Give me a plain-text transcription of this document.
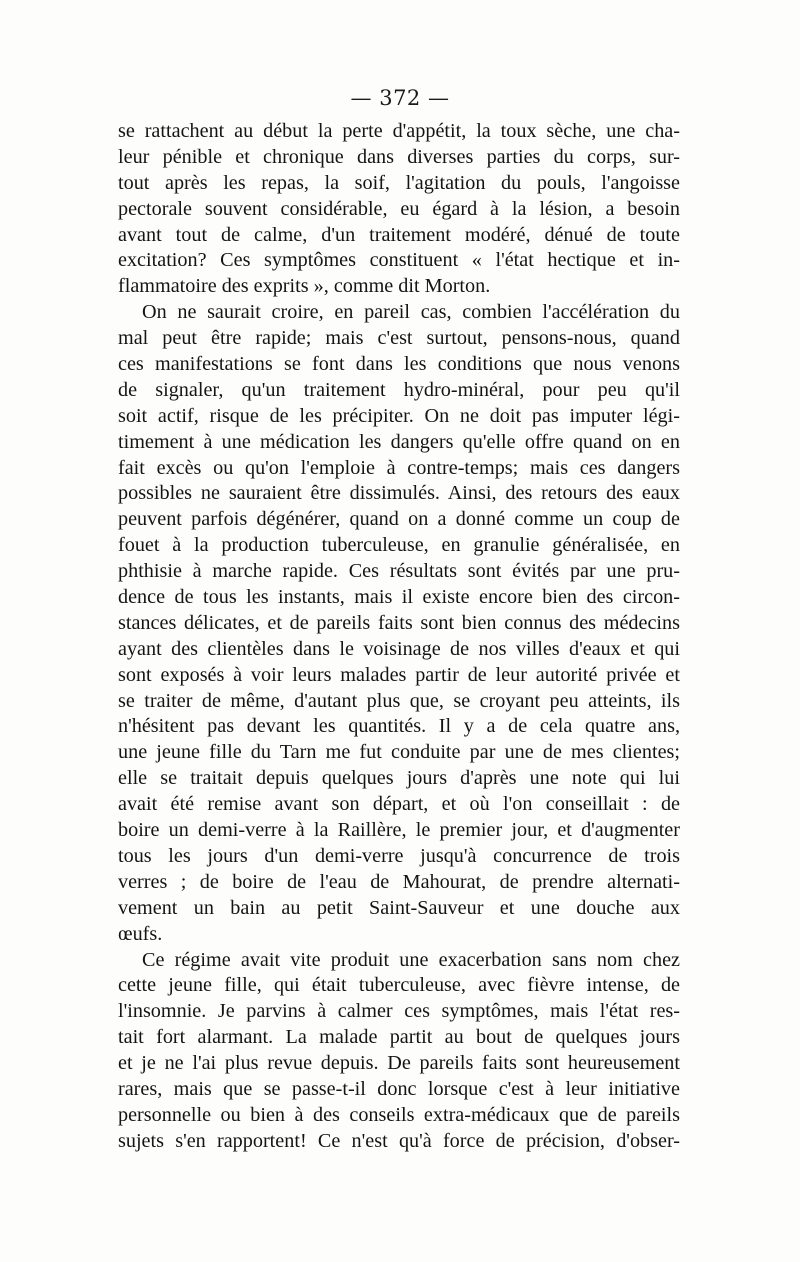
— 372 —
se rattachent au début la perte d'appétit, la toux sèche, une cha-
leur pénible et chronique dans diverses parties du corps, sur-
tout après les repas, la soif, l'agitation du pouls, l'angoisse
pectorale souvent considérable, eu égard à la lésion, a besoin
avant tout de calme, d'un traitement modéré, dénué de toute
excitation? Ces symptômes constituent « l'état hectique et in-
flammatoire des exprits », comme dit Morton.
On ne saurait croire, en pareil cas, combien l'accélération du
mal peut être rapide; mais c'est surtout, pensons-nous, quand
ces manifestations se font dans les conditions que nous venons
de signaler, qu'un traitement hydro-minéral, pour peu qu'il
soit actif, risque de les précipiter. On ne doit pas imputer légi-
timement à une médication les dangers qu'elle offre quand on en
fait excès ou qu'on l'emploie à contre-temps; mais ces dangers
possibles ne sauraient être dissimulés. Ainsi, des retours des eaux
peuvent parfois dégénérer, quand on a donné comme un coup de
fouet à la production tuberculeuse, en granulie généralisée, en
phthisie à marche rapide. Ces résultats sont évités par une pru-
dence de tous les instants, mais il existe encore bien des circon-
stances délicates, et de pareils faits sont bien connus des médecins
ayant des clientèles dans le voisinage de nos villes d'eaux et qui
sont exposés à voir leurs malades partir de leur autorité privée et
se traiter de même, d'autant plus que, se croyant peu atteints, ils
n'hésitent pas devant les quantités. Il y a de cela quatre ans,
une jeune fille du Tarn me fut conduite par une de mes clientes;
elle se traitait depuis quelques jours d'après une note qui lui
avait été remise avant son départ, et où l'on conseillait : de
boire un demi-verre à la Raillère, le premier jour, et d'augmenter
tous les jours d'un demi-verre jusqu'à concurrence de trois
verres ; de boire de l'eau de Mahourat, de prendre alternati-
vement un bain au petit Saint-Sauveur et une douche aux
œufs.
Ce régime avait vite produit une exacerbation sans nom chez
cette jeune fille, qui était tuberculeuse, avec fièvre intense, de
l'insomnie. Je parvins à calmer ces symptômes, mais l'état res-
tait fort alarmant. La malade partit au bout de quelques jours
et je ne l'ai plus revue depuis. De pareils faits sont heureusement
rares, mais que se passe-t-il donc lorsque c'est à leur initiative
personnelle ou bien à des conseils extra-médicaux que de pareils
sujets s'en rapportent! Ce n'est qu'à force de précision, d'obser-
